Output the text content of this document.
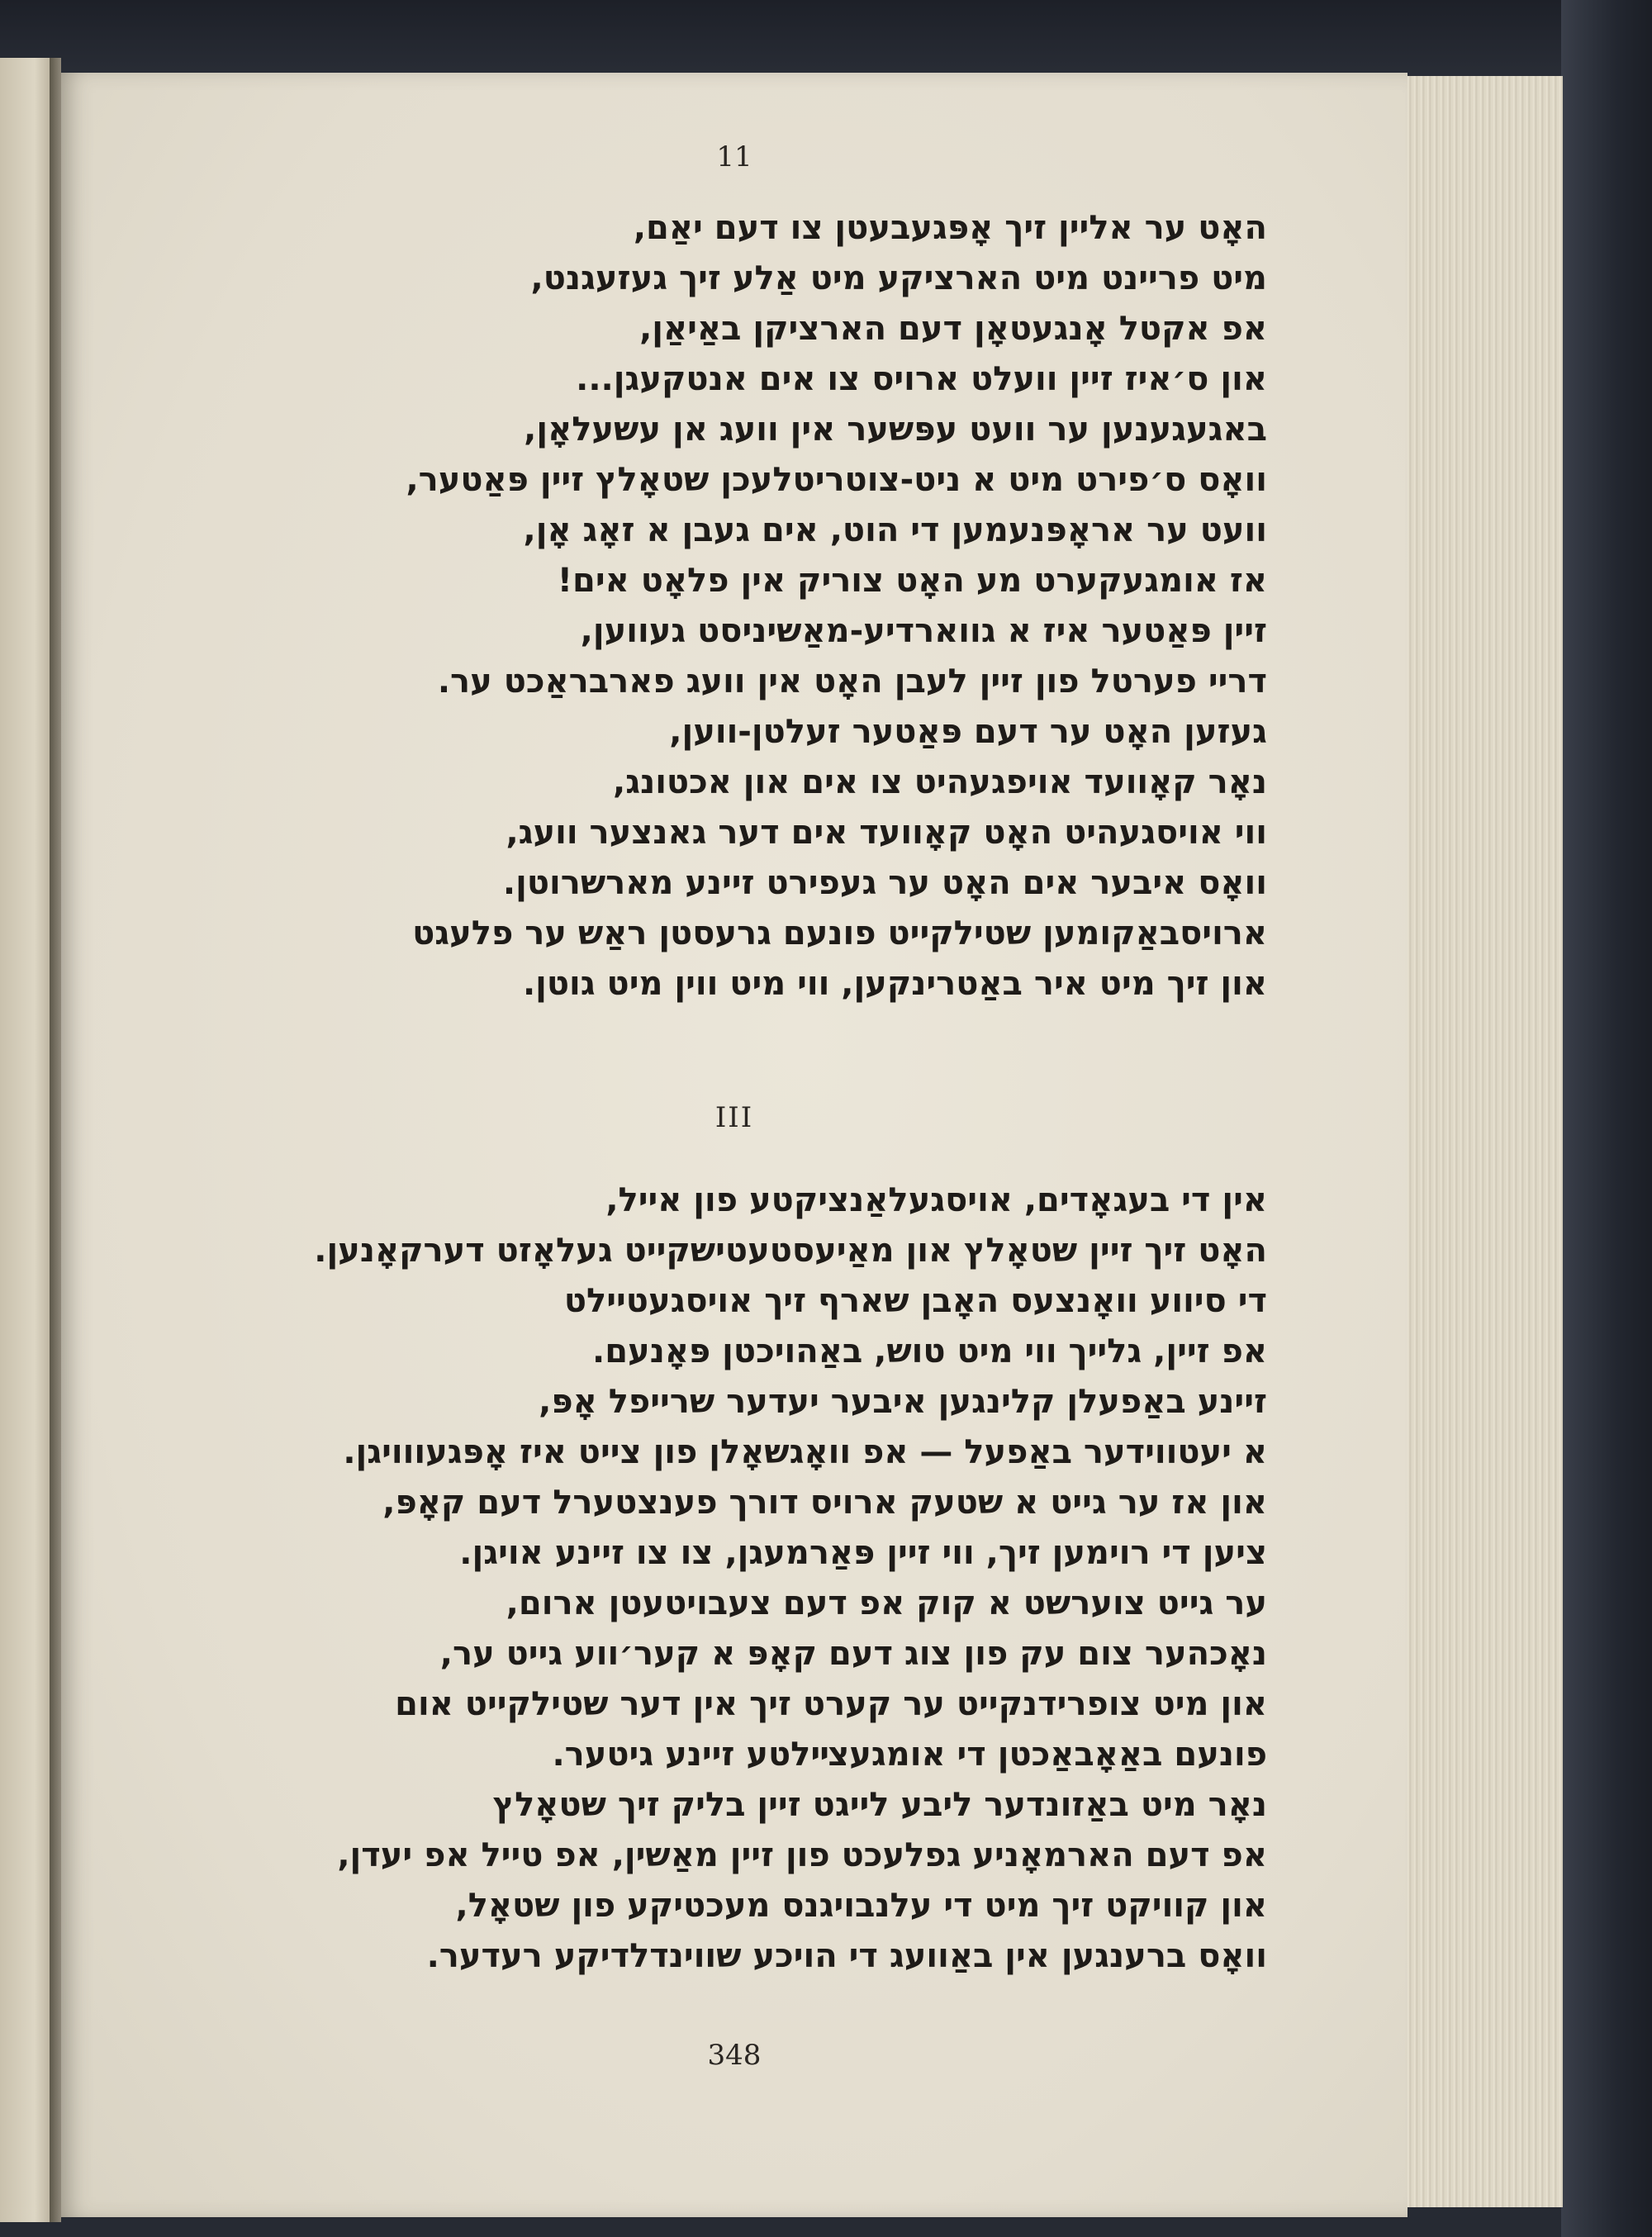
11
האָט ער אליין זיך אָפּגעבעטן צו דעם יאַם,
מיט פריינט מיט הארציקע מיט אַלע זיך געזעגנט,
אפ אקטל אָנגעטאָן דעם הארציקן באַיאַן,
און ס׳איז זיין וועלט ארויס צו אים אנטקעגן...
באגעגענען ער וועט עפּשער אין וועג אן עשעלאָן,
וואָס ס׳פירט מיט א ניט-צוטריטלעכן שטאָלץ זיין פּאַטער,
וועט ער אראָפּנעמען די הוט, אים געבן א זאָג אָן,
אז אומגעקערט מע האָט צוריק אין פלאָט אים!
זיין פּאַטער איז א גווארדיע-מאַשיניסט געווען,
דריי פערטל פון זיין לעבן האָט אין וועג פארבראַכט ער.
געזען האָט ער דעם פּאַטער זעלטן-ווען,
נאָר קאָוועד אויפגעהיט צו אים און אכטונג,
ווי אויסגעהיט האָט קאָוועד אים דער גאנצער וועג,
וואָס איבער אים האָט ער געפירט זיינע מארשרוטן.
ארויסבאַקומען שטילקייט פונעם גרעסטן ראַש ער פלעגט
און זיך מיט איר באַטרינקען, ווי מיט ווין מיט גוטן.
III
אין די בעגאָדים, אויסגעלאַנציקטע פון אייל,
האָט זיך זיין שטאָלץ און מאַיעסטעטישקייט געלאָזט דערקאָנען.
די סיווע וואָנצעס האָבן שארף זיך אויסגעטיילט
אפ זיין, גלייך ווי מיט טוש, באַהויכטן פּאָנעם.
זיינע באַפעלן קלינגען איבער יעדער שרייפל אָפּ,
א יעטווידער באַפעל — אפ וואָגשאָלן פון צייט איז אָפּגעווויגן.
און אז ער גייט א שטעק ארויס דורך פענצטערל דעם קאָפּ,
ציען די רוימען זיך, ווי זיין פּאַרמעגן, צו צו זיינע אויגן.
ער גייט צוערשט א קוק אפ דעם צעבויטעטן ארום,
נאָכהער צום עק פון צוג דעם קאָפּ א קער׳ווע גייט ער,
און מיט צופרידנקייט ער קערט זיך אין דער שטילקייט אום
פונעם באַאָבאַכטן די אומגעצײלטע זיינע גיטער.
נאָר מיט באַזונדער ליבע לייגט זיין בליק זיך שטאָלץ
אפ דעם הארמאָניע גפלעכט פון זיין מאַשין, אפ טייל אפ יעדן,
און קוויקט זיך מיט די עלנבויגנס מעכטיקע פון שטאָל,
וואָס ברענגען אין באַוועג די הויכע שווינדלדיקע רעדער.
348
